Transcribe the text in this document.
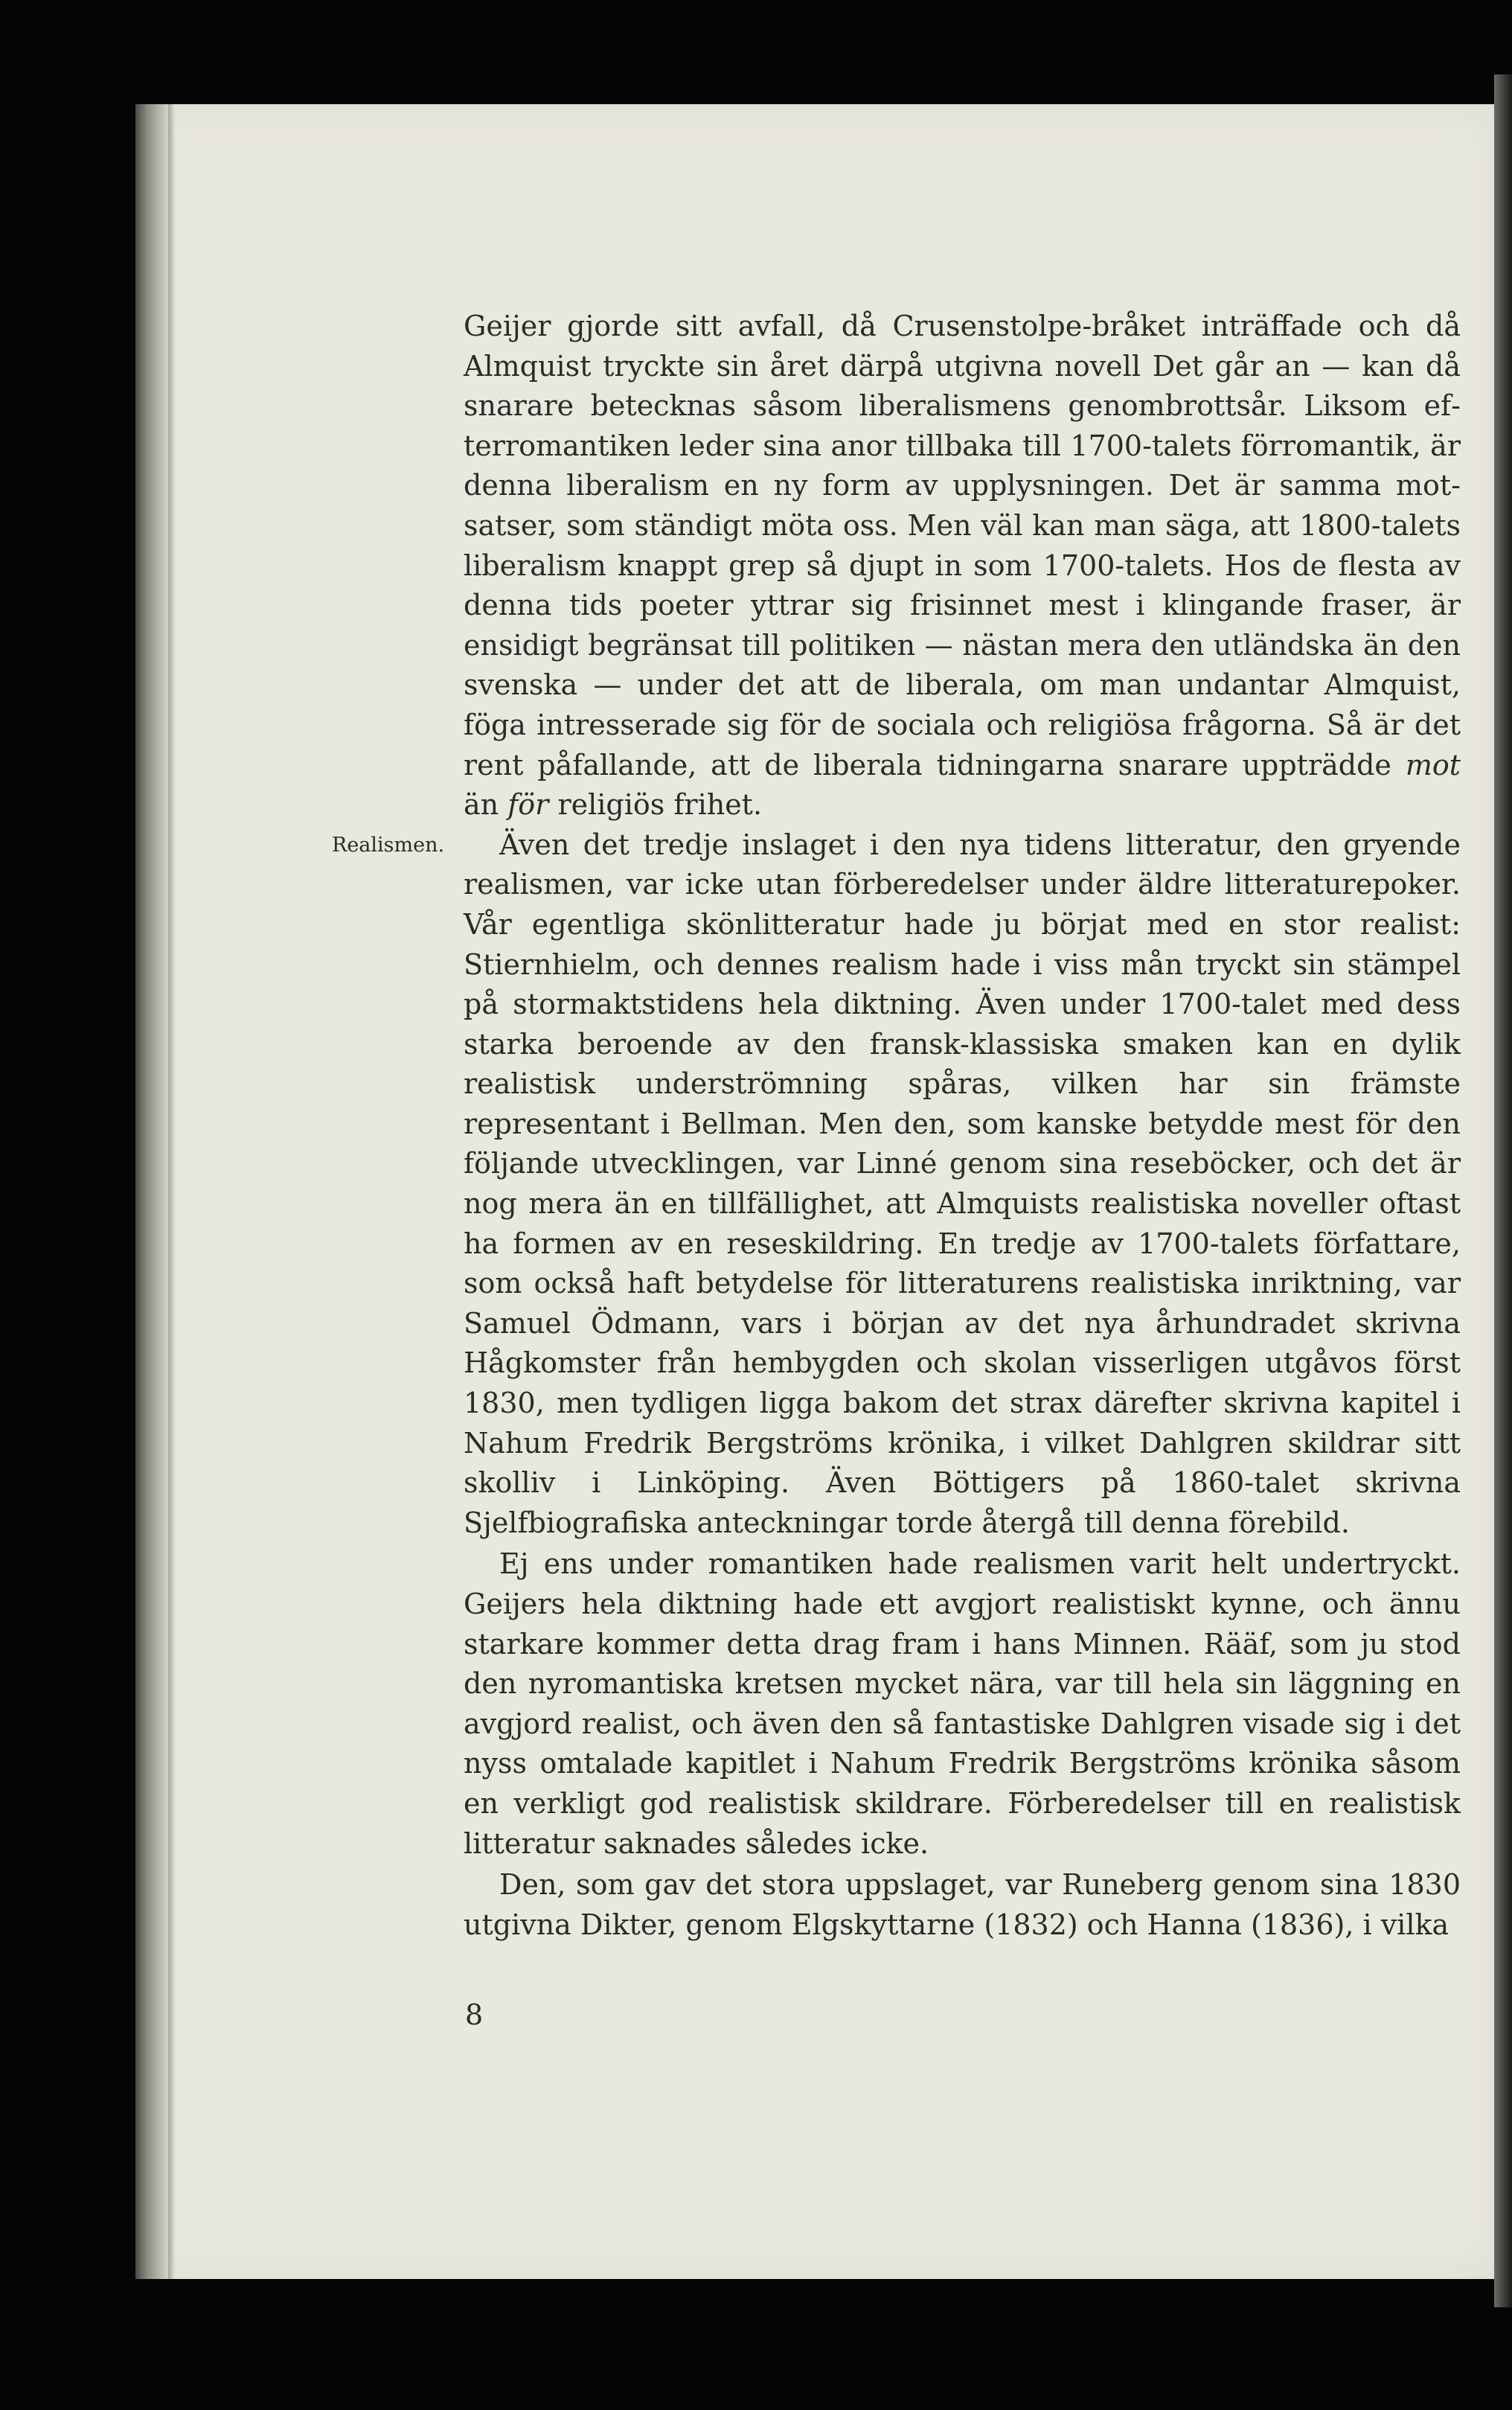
Realismen.

Geijer gjorde sitt avfall, då Crusenstolpe-bråket inträffade och då Almquist tryckte sin året därpå utgivna novell Det går an — kan då snarare betecknas såsom liberalismens genombrottsår. Liksom efterromantiken leder sina anor tillbaka till 1700-talets förromantik, är denna liberalism en ny form av upplysningen. Det är samma motsatser, som ständigt möta oss. Men väl kan man säga, att 1800-talets liberalism knappt grep så djupt in som 1700-talets. Hos de flesta av denna tids poeter yttrar sig frisinnet mest i klingande fraser, är ensidigt begränsat till politiken — nästan mera den utländska än den svenska — under det att de liberala, om man undantar Almquist, föga intresserade sig för de sociala och religiösa frågorna. Så är det rent påfallande, att de liberala tidningarna snarare uppträdde mot än för religiös frihet.

Även det tredje inslaget i den nya tidens litteratur, den gryende realismen, var icke utan förberedelser under äldre litteraturepoker. Vår egentliga skönlitteratur hade ju börjat med en stor realist: Stiernhielm, och dennes realism hade i viss mån tryckt sin stämpel på stormaktstidens hela diktning. Även under 1700-talet med dess starka beroende av den fransk-klassiska smaken kan en dylik realistisk underströmning spåras, vilken har sin främste representant i Bellman. Men den, som kanske betydde mest för den följande utvecklingen, var Linné genom sina reseböcker, och det är nog mera än en tillfällighet, att Almquists realistiska noveller oftast ha formen av en reseskildring. En tredje av 1700-talets författare, som också haft betydelse för litteraturens realistiska inriktning, var Samuel Ödmann, vars i början av det nya århundradet skrivna Hågkomster från hembygden och skolan visserligen utgåvos först 1830, men tydligen ligga bakom det strax därefter skrivna kapitel i Nahum Fredrik Bergströms krönika, i vilket Dahlgren skildrar sitt skolliv i Linköping. Även Böttigers på 1860-talet skrivna Sjelfbiografiska anteckningar torde återgå till denna förebild.

Ej ens under romantiken hade realismen varit helt undertryckt. Geijers hela diktning hade ett avgjort realistiskt kynne, och ännu starkare kommer detta drag fram i hans Minnen. Rääf, som ju stod den nyromantiska kretsen mycket nära, var till hela sin läggning en avgjord realist, och även den så fantastiske Dahlgren visade sig i det nyss omtalade kapitlet i Nahum Fredrik Bergströms krönika såsom en verkligt god realistisk skildrare. Förberedelser till en realistisk litteratur saknades således icke.

Den, som gav det stora uppslaget, var Runeberg genom sina 1830 utgivna Dikter, genom Elgskyttarne (1832) och Hanna (1836), i vilka

8
